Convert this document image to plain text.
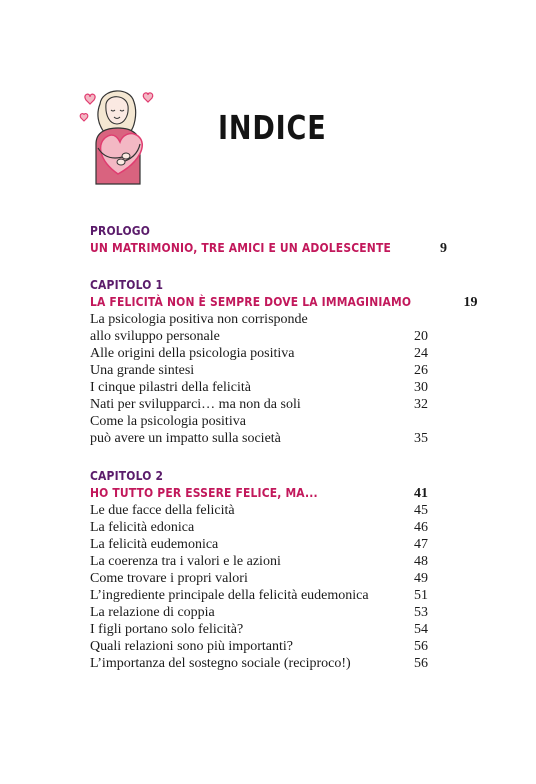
INDICE
PROLOGO
UN MATRIMONIO, TRE AMICI E UN ADOLESCENTE	9
CAPITOLO 1
LA FELICITÀ NON È SEMPRE DOVE LA IMMAGINIAMO	19
La psicologia positiva non corrisponde
allo sviluppo personale	20
Alle origini della psicologia positiva	24
Una grande sintesi	26
I cinque pilastri della felicità	30
Nati per svilupparci… ma non da soli	32
Come la psicologia positiva
può avere un impatto sulla società	35
CAPITOLO 2
HO TUTTO PER ESSERE FELICE, MA...	41
Le due facce della felicità	45
La felicità edonica	46
La felicità eudemonica	47
La coerenza tra i valori e le azioni	48
Come trovare i propri valori	49
L’ingrediente principale della felicità eudemonica	51
La relazione di coppia	53
I figli portano solo felicità?	54
Quali relazioni sono più importanti?	56
L’importanza del sostegno sociale (reciproco!)	56
